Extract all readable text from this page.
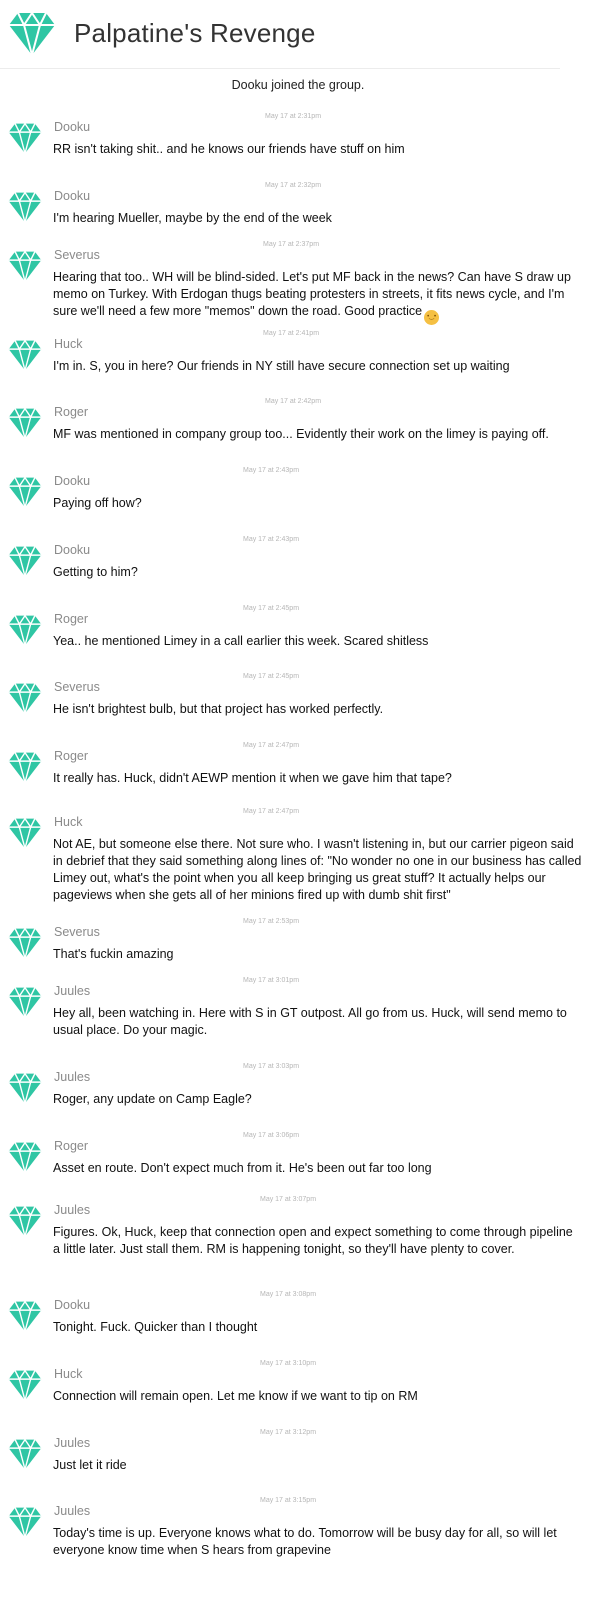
Palpatine's Revenge
Dooku joined the group.
May 17 at 2:31pm
Dooku
RR isn't taking shit.. and he knows our friends have stuff on him
May 17 at 2:32pm
Dooku
I'm hearing Mueller, maybe by the end of the week
May 17 at 2:37pm
Severus
Hearing that too.. WH will be blind-sided. Let's put MF back in the news? Can have S draw up memo on Turkey. With Erdogan thugs beating protesters in streets, it fits news cycle, and I'm sure we'll need a few more "memos" down the road. Good practice •‿•
May 17 at 2:41pm
Huck
I'm in. S, you in here? Our friends in NY still have secure connection set up waiting
May 17 at 2:42pm
Roger
MF was mentioned in company group too... Evidently their work on the limey is paying off.
May 17 at 2:43pm
Dooku
Paying off how?
May 17 at 2:43pm
Dooku
Getting to him?
May 17 at 2:45pm
Roger
Yea.. he mentioned Limey in a call earlier this week. Scared shitless
May 17 at 2:45pm
Severus
He isn't brightest bulb, but that project has worked perfectly.
May 17 at 2:47pm
Roger
It really has. Huck, didn't AEWP mention it when we gave him that tape?
May 17 at 2:47pm
Huck
Not AE, but someone else there. Not sure who. I wasn't listening in, but our carrier pigeon said in debrief that they said something along lines of: "No wonder no one in our business has called Limey out, what's the point when you all keep bringing us great stuff? It actually helps our pageviews when she gets all of her minions fired up with dumb shit first"
May 17 at 2:53pm
Severus
That's fuckin amazing
May 17 at 3:01pm
Juules
Hey all, been watching in. Here with S in GT outpost. All go from us. Huck, will send memo to usual place. Do your magic.
May 17 at 3:03pm
Juules
Roger, any update on Camp Eagle?
May 17 at 3:06pm
Roger
Asset en route. Don't expect much from it. He's been out far too long
May 17 at 3:07pm
Juules
Figures. Ok, Huck, keep that connection open and expect something to come through pipeline a little later. Just stall them. RM is happening tonight, so they'll have plenty to cover.
May 17 at 3:08pm
Dooku
Tonight. Fuck. Quicker than I thought
May 17 at 3:10pm
Huck
Connection will remain open. Let me know if we want to tip on RM
May 17 at 3:12pm
Juules
Just let it ride
May 17 at 3:15pm
Juules
Today's time is up. Everyone knows what to do. Tomorrow will be busy day for all, so will let everyone know time when S hears from grapevine
